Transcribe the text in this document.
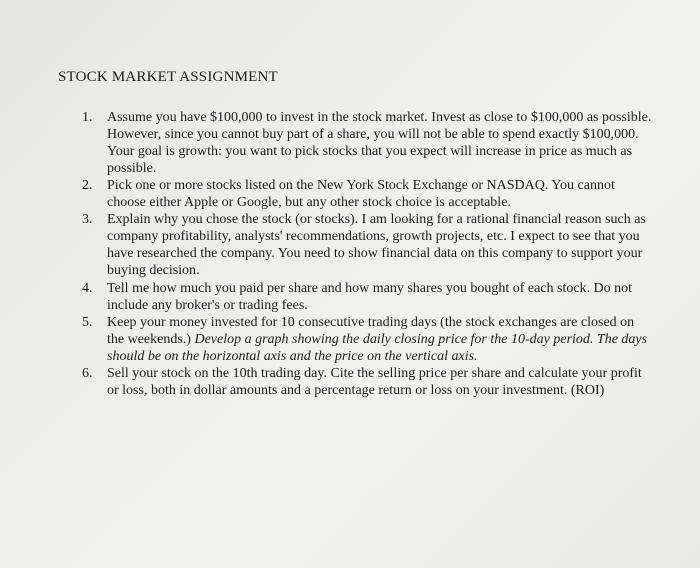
STOCK MARKET ASSIGNMENT
1.	Assume you have $100,000 to invest in the stock market. Invest as close to $100,000 as possible. However, since you cannot buy part of a share, you will not be able to spend exactly $100,000. Your goal is growth: you want to pick stocks that you expect will increase in price as much as possible.
2.	Pick one or more stocks listed on the New York Stock Exchange or NASDAQ. You cannot choose either Apple or Google, but any other stock choice is acceptable.
3.	Explain why you chose the stock (or stocks). I am looking for a rational financial reason such as company profitability, analysts' recommendations, growth projects, etc. I expect to see that you have researched the company. You need to show financial data on this company to support your buying decision.
4.	Tell me how much you paid per share and how many shares you bought of each stock. Do not include any broker's or trading fees.
5.	Keep your money invested for 10 consecutive trading days (the stock exchanges are closed on the weekends.) Develop a graph showing the daily closing price for the 10-day period. The days should be on the horizontal axis and the price on the vertical axis.
6.	Sell your stock on the 10th trading day. Cite the selling price per share and calculate your profit or loss, both in dollar amounts and a percentage return or loss on your investment. (ROI)
